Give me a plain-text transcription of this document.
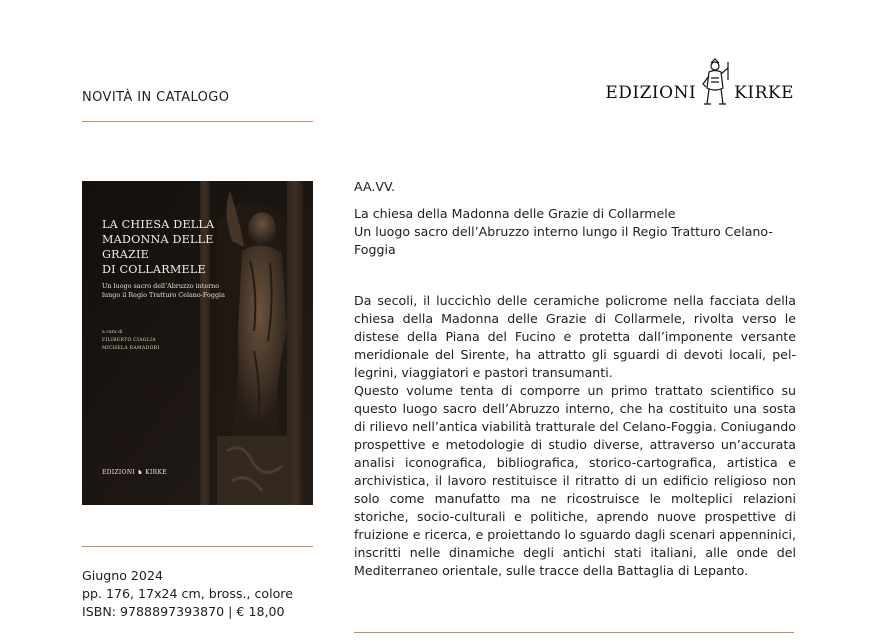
NOVITÀ IN CATALOGO	EDIZIONI KIRKE
LA CHIESA DELLA
MADONNA DELLE GRAZIE
DI COLLARMELE
Un luogo sacro dell’Abruzzo interno
lungo il Regio Tratturo Celano-Foggia
a cura di
FILIBERTO CIAGLIA
MICHELA RAMADORI
EDIZIONI ♞ KIRKE
Giugno 2024
pp. 176, 17x24 cm, bross., colore
ISBN: 9788897393870 | € 18,00
AA.VV.
La chiesa della Madonna delle Grazie di Collarmele
Un luogo sacro dell’Abruzzo interno lungo il Regio Tratturo Celano-
Foggia

Da secoli, il luccichìo delle ceramiche policrome nella facciata della chiesa della Madonna delle Grazie di Collarmele, rivolta verso le distese della Piana del Fucino e protetta dall’imponente versante meridionale del Sirente, ha attratto gli sguardi di devoti locali, pellegrini, viaggiatori e pastori transumanti.

Questo volume tenta di comporre un primo trattato scientifico su questo luogo sacro dell’Abruzzo interno, che ha costituito una sosta di rilievo nell’antica viabilità tratturale del Celano-Foggia. Coniugando prospettive e metodologie di studio diverse, attraverso un’accurata analisi iconografica, bibliografica, storico-cartografica, artistica e archivistica, il lavoro restituisce il ritratto di un edificio religioso non solo come manufatto ma ne ricostruisce le molteplici relazioni storiche, socio-culturali e politiche, aprendo nuove prospettive di fruizione e ricerca, e proiettando lo sguardo dagli scenari appenninici, inscritti nelle dinamiche degli antichi stati italiani, alle onde del Mediterraneo orientale, sulle tracce della Battaglia di Lepanto.
